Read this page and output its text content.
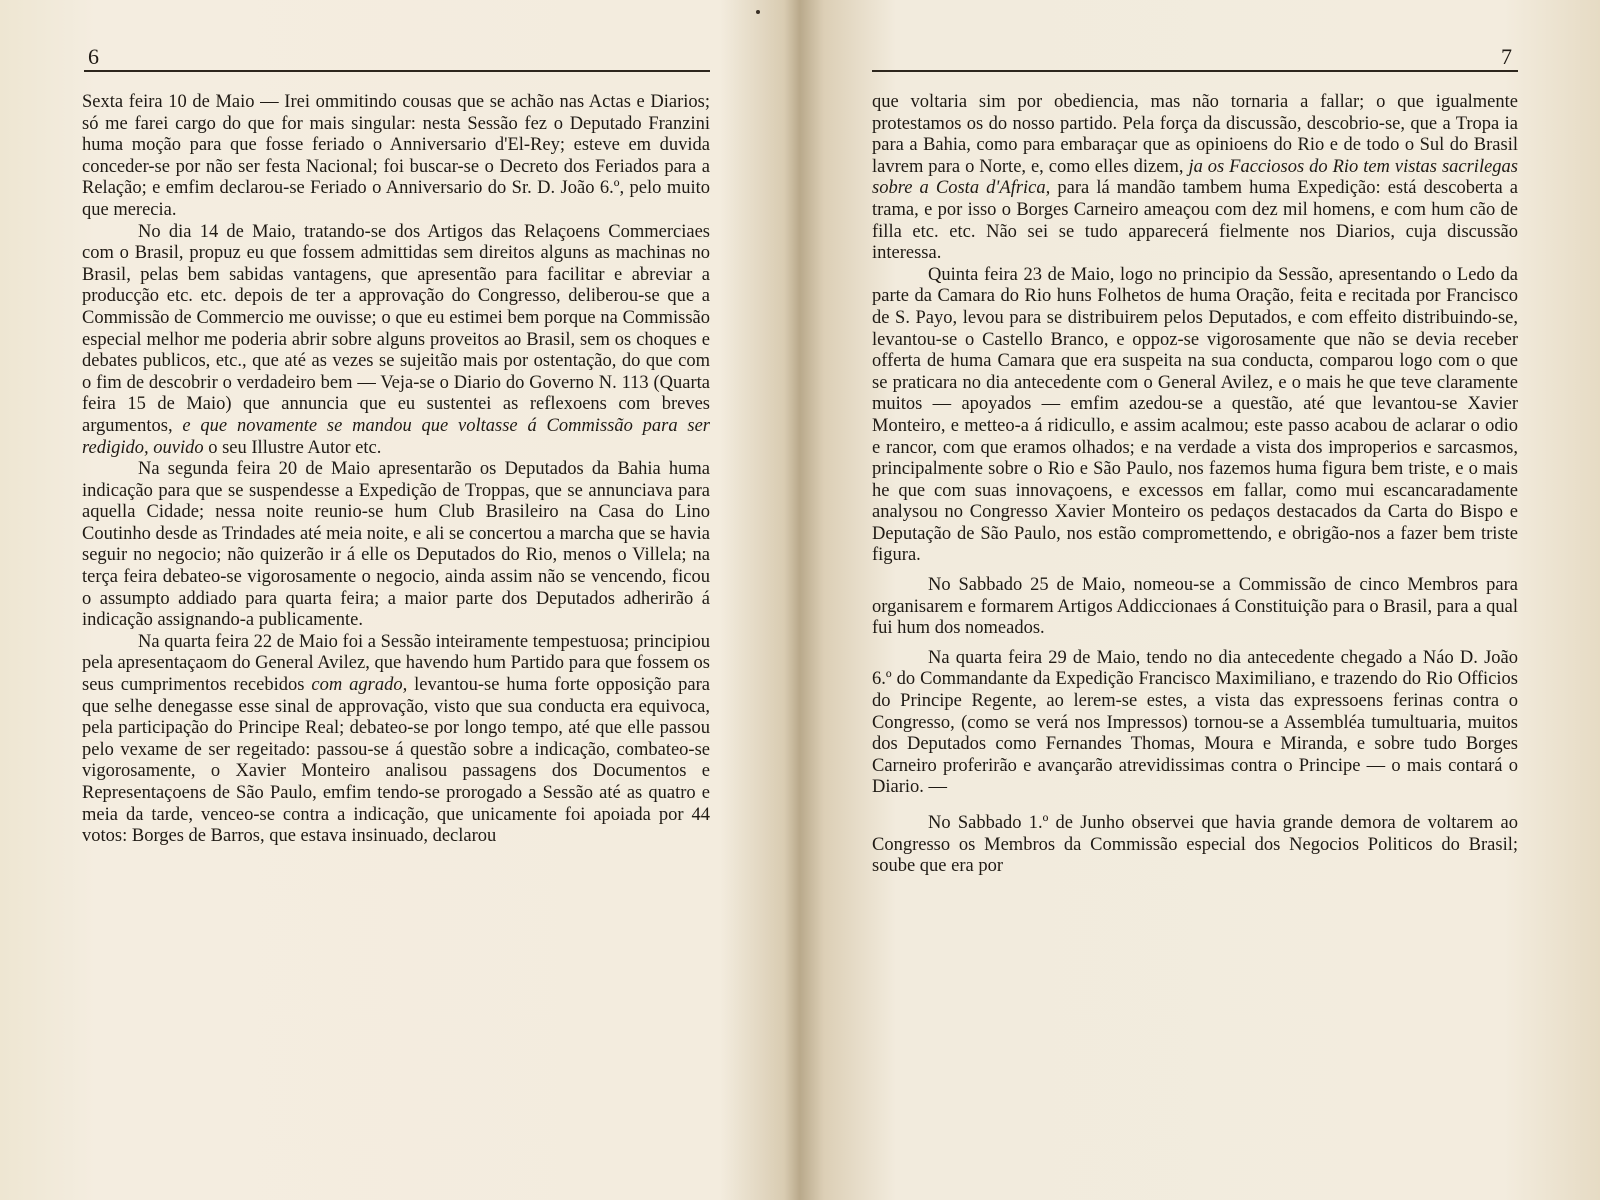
6

Sexta feira 10 de Maio — Irei ommitindo cousas que se achão nas Actas e Diarios; só me farei cargo do que for mais singular: nesta Sessão fez o Deputado Franzini huma moção para que fosse feriado o Anniversario d'El-Rey; esteve em duvida conceder-se por não ser festa Nacional; foi buscar-se o Decreto dos Feriados para a Relação; e emfim declarou-se Feriado o Anniversario do Sr. D. João 6.º, pelo muito que merecia.

No dia 14 de Maio, tratando-se dos Artigos das Relaçoens Commerciaes com o Brasil, propuz eu que fossem admittidas sem direitos alguns as machinas no Brasil, pelas bem sabidas vantagens, que apresentão para facilitar e abreviar a producção etc. etc. depois de ter a approvação do Congresso, deliberou-se que a Commissão de Commercio me ouvisse; o que eu estimei bem porque na Commissão especial melhor me poderia abrir sobre alguns proveitos ao Brasil, sem os choques e debates publicos, etc., que até as vezes se sujeitão mais por ostentação, do que com o fim de descobrir o verdadeiro bem — Veja-se o Diario do Governo N. 113 (Quarta feira 15 de Maio) que annuncia que eu sustentei as reflexoens com breves argumentos, e que novamente se mandou que voltasse á Commissão para ser redigido, ouvido o seu Illustre Autor etc.

Na segunda feira 20 de Maio apresentarão os Deputados da Bahia huma indicação para que se suspendesse a Expedição de Troppas, que se annunciava para aquella Cidade; nessa noite reunio-se hum Club Brasileiro na Casa do Lino Coutinho desde as Trindades até meia noite, e ali se concertou a marcha que se havia seguir no negocio; não quizerão ir á elle os Deputados do Rio, menos o Villela; na terça feira debateo-se vigorosamente o negocio, ainda assim não se vencendo, ficou o assumpto addiado para quarta feira; a maior parte dos Deputados adherirão á indicação assignando-a publicamente.

Na quarta feira 22 de Maio foi a Sessão inteiramente tempestuosa; principiou pela apresentaçaom do General Avilez, que havendo hum Partido para que fossem os seus cumprimentos recebidos com agrado, levantou-se huma forte opposição para que selhe denegasse esse sinal de approvação, visto que sua conducta era equivoca, pela participação do Principe Real; debateo-se por longo tempo, até que elle passou pelo vexame de ser regeitado: passou-se á questão sobre a indicação, combateo-se vigorosamente, o Xavier Monteiro analisou passagens dos Documentos e Representaçoens de São Paulo, emfim tendo-se prorogado a Sessão até as quatro e meia da tarde, venceo-se contra a indicação, que unicamente foi apoiada por 44 votos: Borges de Barros, que estava insinuado, declarou

7

que voltaria sim por obediencia, mas não tornaria a fallar; o que igualmente protestamos os do nosso partido. Pela força da discussão, descobrio-se, que a Tropa ia para a Bahia, como para embaraçar que as opinioens do Rio e de todo o Sul do Brasil lavrem para o Norte, e, como elles dizem, ja os Facciosos do Rio tem vistas sacrilegas sobre a Costa d'Africa, para lá mandão tambem huma Expedição: está descoberta a trama, e por isso o Borges Carneiro ameaçou com dez mil homens, e com hum cão de filla etc. etc. Não sei se tudo apparecerá fielmente nos Diarios, cuja discussão interessa.

Quinta feira 23 de Maio, logo no principio da Sessão, apresentando o Ledo da parte da Camara do Rio huns Folhetos de huma Oração, feita e recitada por Francisco de S. Payo, levou para se distribuirem pelos Deputados, e com effeito distribuindo-se, levantou-se o Castello Branco, e oppoz-se vigorosamente que não se devia receber offerta de huma Camara que era suspeita na sua conducta, comparou logo com o que se praticara no dia antecedente com o General Avilez, e o mais he que teve claramente muitos — apoyados — emfim azedou-se a questão, até que levantou-se Xavier Monteiro, e metteo-a á ridicullo, e assim acalmou; este passo acabou de aclarar o odio e rancor, com que eramos olhados; e na verdade a vista dos improperios e sarcasmos, principalmente sobre o Rio e São Paulo, nos fazemos huma figura bem triste, e o mais he que com suas innovaçoens, e excessos em fallar, como mui escancaradamente analysou no Congresso Xavier Monteiro os pedaços destacados da Carta do Bispo e Deputação de São Paulo, nos estão compromettendo, e obrigão-nos a fazer bem triste figura.

No Sabbado 25 de Maio, nomeou-se a Commissão de cinco Membros para organisarem e formarem Artigos Addiccionaes á Constituição para o Brasil, para a qual fui hum dos nomeados.

Na quarta feira 29 de Maio, tendo no dia antecedente chegado a Náo D. João 6.º do Commandante da Expedição Francisco Maximiliano, e trazendo do Rio Officios do Principe Regente, ao lerem-se estes, a vista das expressoens ferinas contra o Congresso, (como se verá nos Impressos) tornou-se a Assembléa tumultuaria, muitos dos Deputados como Fernandes Thomas, Moura e Miranda, e sobre tudo Borges Carneiro proferirão e avançarão atrevidissimas contra o Principe — o mais contará o Diario. —

No Sabbado 1.º de Junho observei que havia grande demora de voltarem ao Congresso os Membros da Commissão especial dos Negocios Politicos do Brasil; soube que era por
